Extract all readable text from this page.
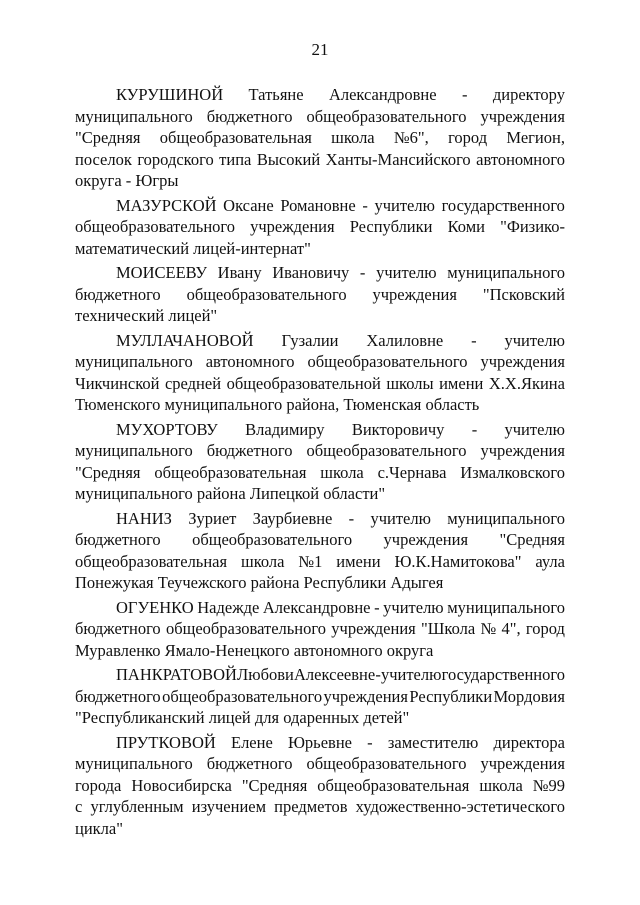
21
КУРУШИНОЙ Татьяне Александровне - директору
муниципального бюджетного общеобразовательного учреждения
"Средняя общеобразовательная школа №6", город Мегион,
поселок городского типа Высокий Ханты-Мансийского автономного
округа - Югры
МАЗУРСКОЙ Оксане Романовне - учителю государственного
общеобразовательного учреждения Республики Коми "Физико-
математический лицей-интернат"
МОИСЕЕВУ Ивану Ивановичу - учителю муниципального
бюджетного общеобразовательного учреждения "Псковский
технический лицей"
МУЛЛАЧАНОВОЙ Гузалии Халиловне - учителю
муниципального автономного общеобразовательного учреждения
Чикчинской средней общеобразовательной школы имени Х.Х.Якина
Тюменского муниципального района, Тюменская область
МУХОРТОВУ Владимиру Викторовичу - учителю
муниципального бюджетного общеобразовательного учреждения
"Средняя общеобразовательная школа с.Чернава Измалковского
муниципального района Липецкой области"
НАНИЗ Зуриет Заурбиевне - учителю муниципального
бюджетного общеобразовательного учреждения "Средняя
общеобразовательная школа №1 имени Ю.К.Намитокова" аула
Понежукая Теучежского района Республики Адыгея
ОГУЕНКО Надежде Александровне - учителю муниципального
бюджетного общеобразовательного учреждения "Школа № 4", город
Муравленко Ямало-Ненецкого автономного округа
ПАНКРАТОВОЙ Любови Алексеевне - учителю государственного
бюджетного общеобразовательного учреждения Республики Мордовия
"Республиканский лицей для одаренных детей"
ПРУТКОВОЙ Елене Юрьевне - заместителю директора
муниципального бюджетного общеобразовательного учреждения
города Новосибирска "Средняя общеобразовательная школа №99
с углубленным изучением предметов художественно-эстетического
цикла"
